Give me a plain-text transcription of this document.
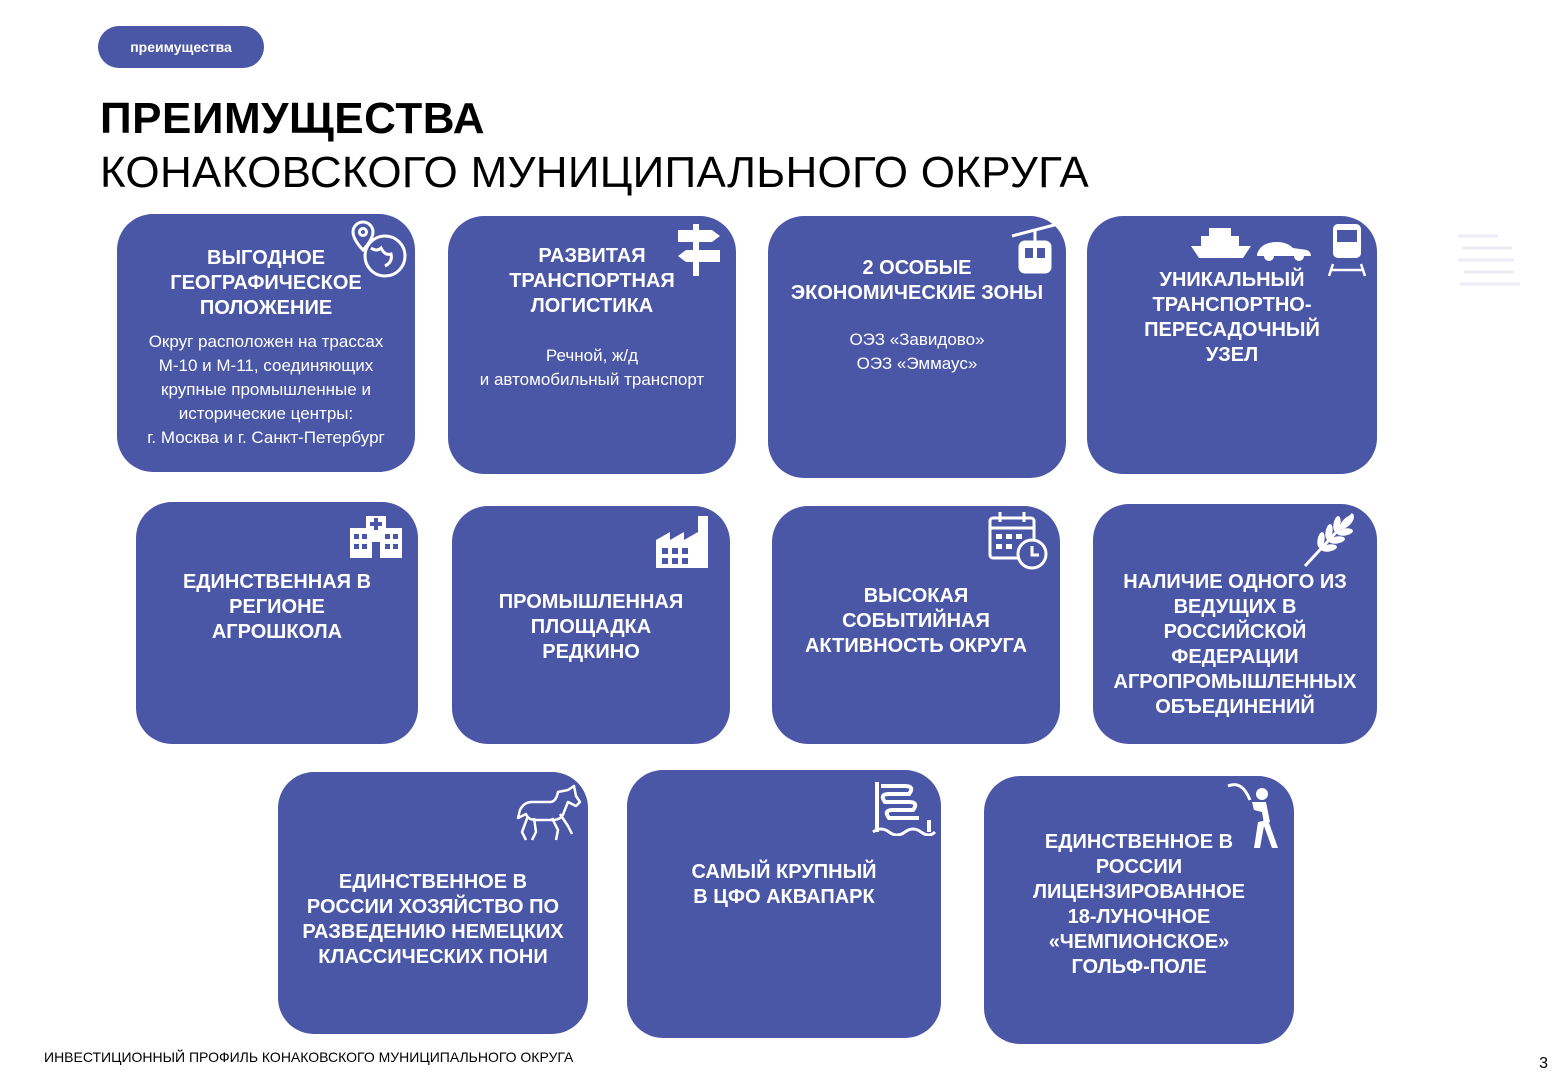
преимущества
ПРЕИМУЩЕСТВА
КОНАКОВСКОГО МУНИЦИПАЛЬНОГО ОКРУГА
ВЫГОДНОЕ
ГЕОГРАФИЧЕСКОЕ
ПОЛОЖЕНИЕ
Округ расположен на трассах
М-10 и М-11, соединяющих
крупные промышленные и
исторические центры:
г. Москва и г. Санкт-Петербург
РАЗВИТАЯ
ТРАНСПОРТНАЯ
ЛОГИСТИКА
Речной, ж/д
и автомобильный транспорт
2 ОСОБЫЕ
ЭКОНОМИЧЕСКИЕ ЗОНЫ
ОЭЗ «Завидово»
ОЭЗ «Эммаус»
УНИКАЛЬНЫЙ
ТРАНСПОРТНО-
ПЕРЕСАДОЧНЫЙ
УЗЕЛ
ЕДИНСТВЕННАЯ В
РЕГИОНЕ
АГРОШКОЛА
ПРОМЫШЛЕННАЯ
ПЛОЩАДКА
РЕДКИНО
ВЫСОКАЯ
СОБЫТИЙНАЯ
АКТИВНОСТЬ ОКРУГА
НАЛИЧИЕ ОДНОГО ИЗ
ВЕДУЩИХ В
РОССИЙСКОЙ
ФЕДЕРАЦИИ
АГРОПРОМЫШЛЕННЫХ
ОБЪЕДИНЕНИЙ
ЕДИНСТВЕННОЕ В
РОССИИ ХОЗЯЙСТВО ПО
РАЗВЕДЕНИЮ НЕМЕЦКИХ
КЛАССИЧЕСКИХ ПОНИ
САМЫЙ КРУПНЫЙ
В ЦФО АКВАПАРК
ЕДИНСТВЕННОЕ В
РОССИИ
ЛИЦЕНЗИРОВАННОЕ
18-ЛУНОЧНОЕ
«ЧЕМПИОНСКОЕ»
ГОЛЬФ-ПОЛЕ
ИНВЕСТИЦИОННЫЙ ПРОФИЛЬ КОНАКОВСКОГО МУНИЦИПАЛЬНОГО ОКРУГА	3
